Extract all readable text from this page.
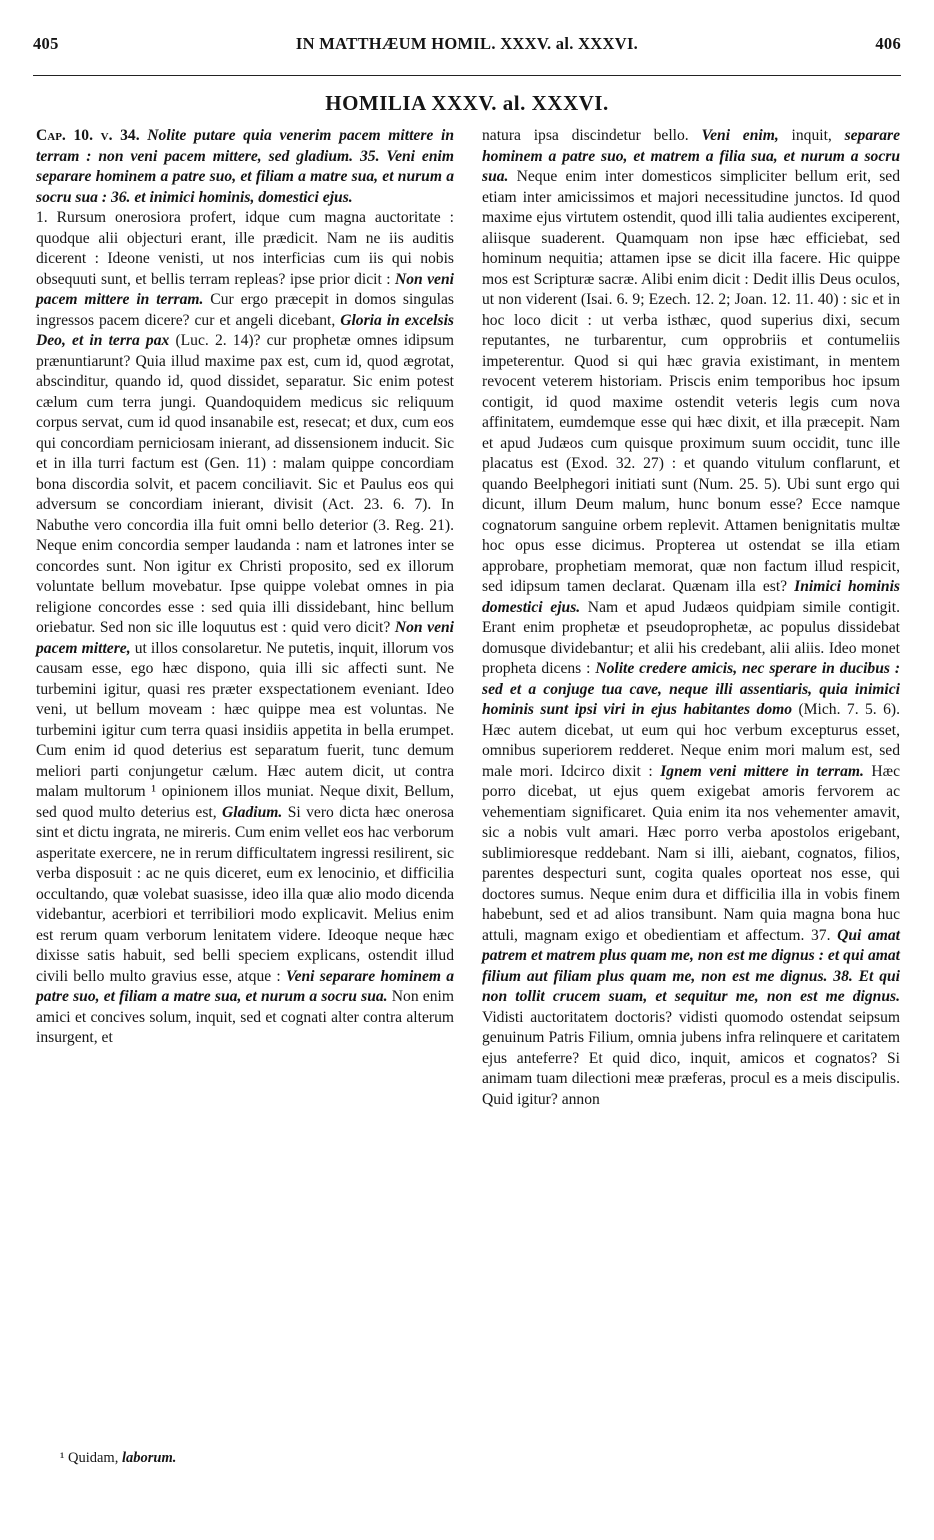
405	IN MATTHÆUM HOMIL. XXXV. al. XXXVI.	406
HOMILIA XXXV. al. XXXVI.

Cap. 10. v. 34. Nolite putare quia venerim pacem mittere in terram : non veni pacem mittere, sed gladium. 35. Veni enim separare hominem a patre suo, et filiam a matre sua, et nurum a socru sua : 36. et inimici hominis, domestici ejus.

1. Rursum onerosiora profert, idque cum magna auctoritate : quodque alii objecturi erant, ille prædicit. Nam ne iis auditis dicerent : Ideone venisti, ut nos interficias cum iis qui nobis obsequuti sunt, et bellis terram repleas? ipse prior dicit : Non veni pacem mittere in terram. Cur ergo præcepit in domos singulas ingressos pacem dicere? cur et angeli dicebant, Gloria in excelsis Deo, et in terra pax (Luc. 2. 14)? cur prophetæ omnes idipsum prænuntiarunt? Quia illud maxime pax est, cum id, quod ægrotat, abscinditur, quando id, quod dissidet, separatur. Sic enim potest cælum cum terra jungi. Quandoquidem medicus sic reliquum corpus servat, cum id quod insanabile est, resecat; et dux, cum eos qui concordiam perniciosam inierant, ad dissensionem inducit. Sic et in illa turri factum est (Gen. 11) : malam quippe concordiam bona discordia solvit, et pacem conciliavit. Sic et Paulus eos qui adversum se concordiam inierant, divisit (Act. 23. 6. 7). In Nabuthe vero concordia illa fuit omni bello deterior (3. Reg. 21). Neque enim concordia semper laudanda : nam et latrones inter se concordes sunt. Non igitur ex Christi proposito, sed ex illorum voluntate bellum movebatur. Ipse quippe volebat omnes in pia religione concordes esse : sed quia illi dissidebant, hinc bellum oriebatur. Sed non sic ille loquutus est : quid vero dicit? Non veni pacem mittere, ut illos consolaretur. Ne putetis, inquit, illorum vos causam esse, ego hæc dispono, quia illi sic affecti sunt. Ne turbemini igitur, quasi res præter exspectationem eveniant. Ideo veni, ut bellum moveam : hæc quippe mea est voluntas. Ne turbemini igitur cum terra quasi insidiis appetita in bella erumpet. Cum enim id quod deterius est separatum fuerit, tunc demum meliori parti conjungetur cælum. Hæc autem dicit, ut contra malam multorum ¹ opinionem illos muniat. Neque dixit, Bellum, sed quod multo deterius est, Gladium. Si vero dicta hæc onerosa sint et dictu ingrata, ne mireris. Cum enim vellet eos hac verborum asperitate exercere, ne in rerum difficultatem ingressi resilirent, sic verba disposuit : ac ne quis diceret, eum ex lenocinio, et difficilia occultando, quæ volebat suasisse, ideo illa quæ alio modo dicenda videbantur, acerbiori et terribiliori modo explicavit. Melius enim est rerum quam verborum lenitatem videre. Ideoque neque hæc dixisse satis habuit, sed belli speciem explicans, ostendit illud civili bello multo gravius esse, atque : Veni separare hominem a patre suo, et filiam a matre sua, et nurum a socru sua. Non enim amici et concives solum, inquit, sed et cognati alter contra alterum insurgent, et

natura ipsa discindetur bello. Veni enim, inquit, separare hominem a patre suo, et matrem a filia sua, et nurum a socru sua. Neque enim inter domesticos simpliciter bellum erit, sed etiam inter amicissimos et majori necessitudine junctos. Id quod maxime ejus virtutem ostendit, quod illi talia audientes exciperent, aliisque suaderent. Quamquam non ipse hæc efficiebat, sed hominum nequitia; attamen ipse se dicit illa facere. Hic quippe mos est Scripturæ sacræ. Alibi enim dicit : Dedit illis Deus oculos, ut non viderent (Isai. 6. 9; Ezech. 12. 2; Joan. 12. 11. 40) : sic et in hoc loco dicit : ut verba isthæc, quod superius dixi, secum reputantes, ne turbarentur, cum opprobriis et contumeliis impeterentur. Quod si qui hæc gravia existimant, in mentem revocent veterem historiam. Priscis enim temporibus hoc ipsum contigit, id quod maxime ostendit veteris legis cum nova affinitatem, eumdemque esse qui hæc dixit, et illa præcepit. Nam et apud Judæos cum quisque proximum suum occidit, tunc ille placatus est (Exod. 32. 27) : et quando vitulum conflarunt, et quando Beelphegori initiati sunt (Num. 25. 5). Ubi sunt ergo qui dicunt, illum Deum malum, hunc bonum esse? Ecce namque cognatorum sanguine orbem replevit. Attamen benignitatis multæ hoc opus esse dicimus. Propterea ut ostendat se illa etiam approbare, prophetiam memorat, quæ non factum illud respicit, sed idipsum tamen declarat. Quænam illa est? Inimici hominis domestici ejus. Nam et apud Judæos quidpiam simile contigit. Erant enim prophetæ et pseudoprophetæ, ac populus dissidebat domusque dividebantur; et alii his credebant, alii aliis. Ideo monet propheta dicens : Nolite credere amicis, nec sperare in ducibus : sed et a conjuge tua cave, neque illi assentiaris, quia inimici hominis sunt ipsi viri in ejus habitantes domo (Mich. 7. 5. 6). Hæc autem dicebat, ut eum qui hoc verbum excepturus esset, omnibus superiorem redderet. Neque enim mori malum est, sed male mori. Idcirco dixit : Ignem veni mittere in terram. Hæc porro dicebat, ut ejus quem exigebat amoris fervorem ac vehementiam significaret. Quia enim ita nos vehementer amavit, sic a nobis vult amari. Hæc porro verba apostolos erigebant, sublimioresque reddebant. Nam si illi, aiebant, cognatos, filios, parentes despecturi sunt, cogita quales oporteat nos esse, qui doctores sumus. Neque enim dura et difficilia illa in vobis finem habebunt, sed et ad alios transibunt. Nam quia magna bona huc attuli, magnam exigo et obedientiam et affectum. 37. Qui amat patrem et matrem plus quam me, non est me dignus : et qui amat filium aut filiam plus quam me, non est me dignus. 38. Et qui non tollit crucem suam, et sequitur me, non est me dignus. Vidisti auctoritatem doctoris? vidisti quomodo ostendat seipsum genuinum Patris Filium, omnia jubens infra relinquere et caritatem ejus anteferre? Et quid dico, inquit, amicos et cognatos? Si animam tuam dilectioni meæ præferas, procul es a meis discipulis. Quid igitur? annon

¹ Quidam, laborum.
